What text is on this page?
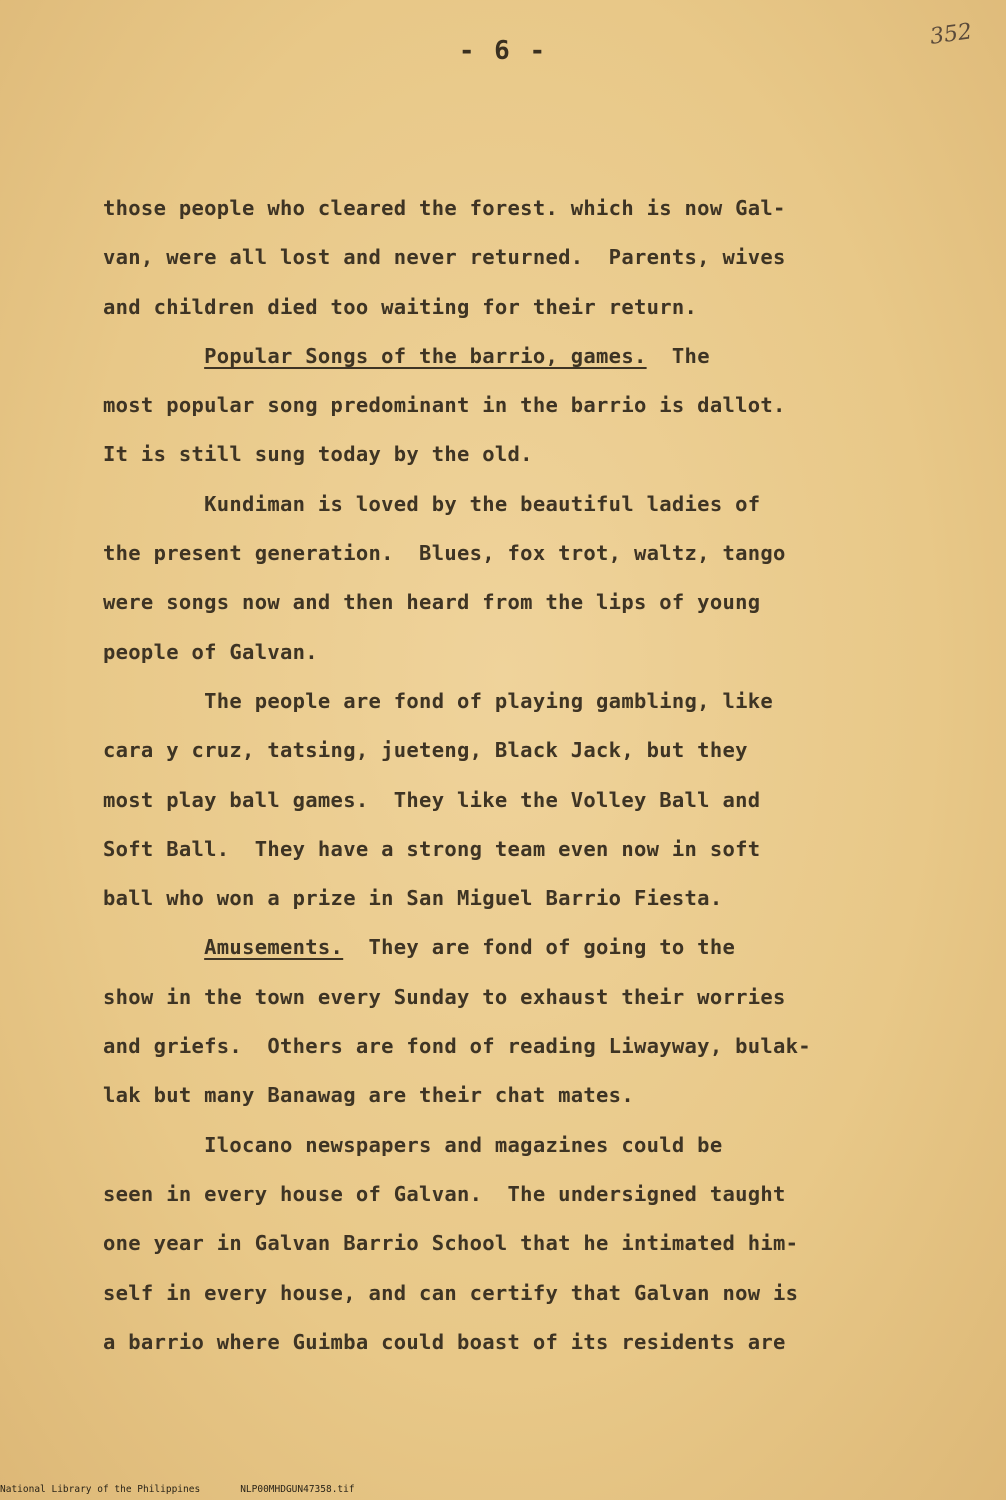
- 6 -
352
those people who cleared the forest. which is now Gal-
van, were all lost and never returned.  Parents, wives
and children died too waiting for their return.
Popular Songs of the barrio, games.  The
most popular song predominant in the barrio is dallot.
It is still sung today by the old.
Kundiman is loved by the beautiful ladies of
the present generation.  Blues, fox trot, waltz, tango
were songs now and then heard from the lips of young
people of Galvan.
The people are fond of playing gambling, like
cara y cruz, tatsing, jueteng, Black Jack, but they
most play ball games.  They like the Volley Ball and
Soft Ball.  They have a strong team even now in soft
ball who won a prize in San Miguel Barrio Fiesta.
Amusements.  They are fond of going to the
show in the town every Sunday to exhaust their worries
and griefs.  Others are fond of reading Liwayway, bulak-
lak but many Banawag are their chat mates.
Ilocano newspapers and magazines could be
seen in every house of Galvan.  The undersigned taught
one year in Galvan Barrio School that he intimated him-
self in every house, and can certify that Galvan now is
a barrio where Guimba could boast of its residents are
National Library of the Philippines	NLP00MHDGUN47358.tif
